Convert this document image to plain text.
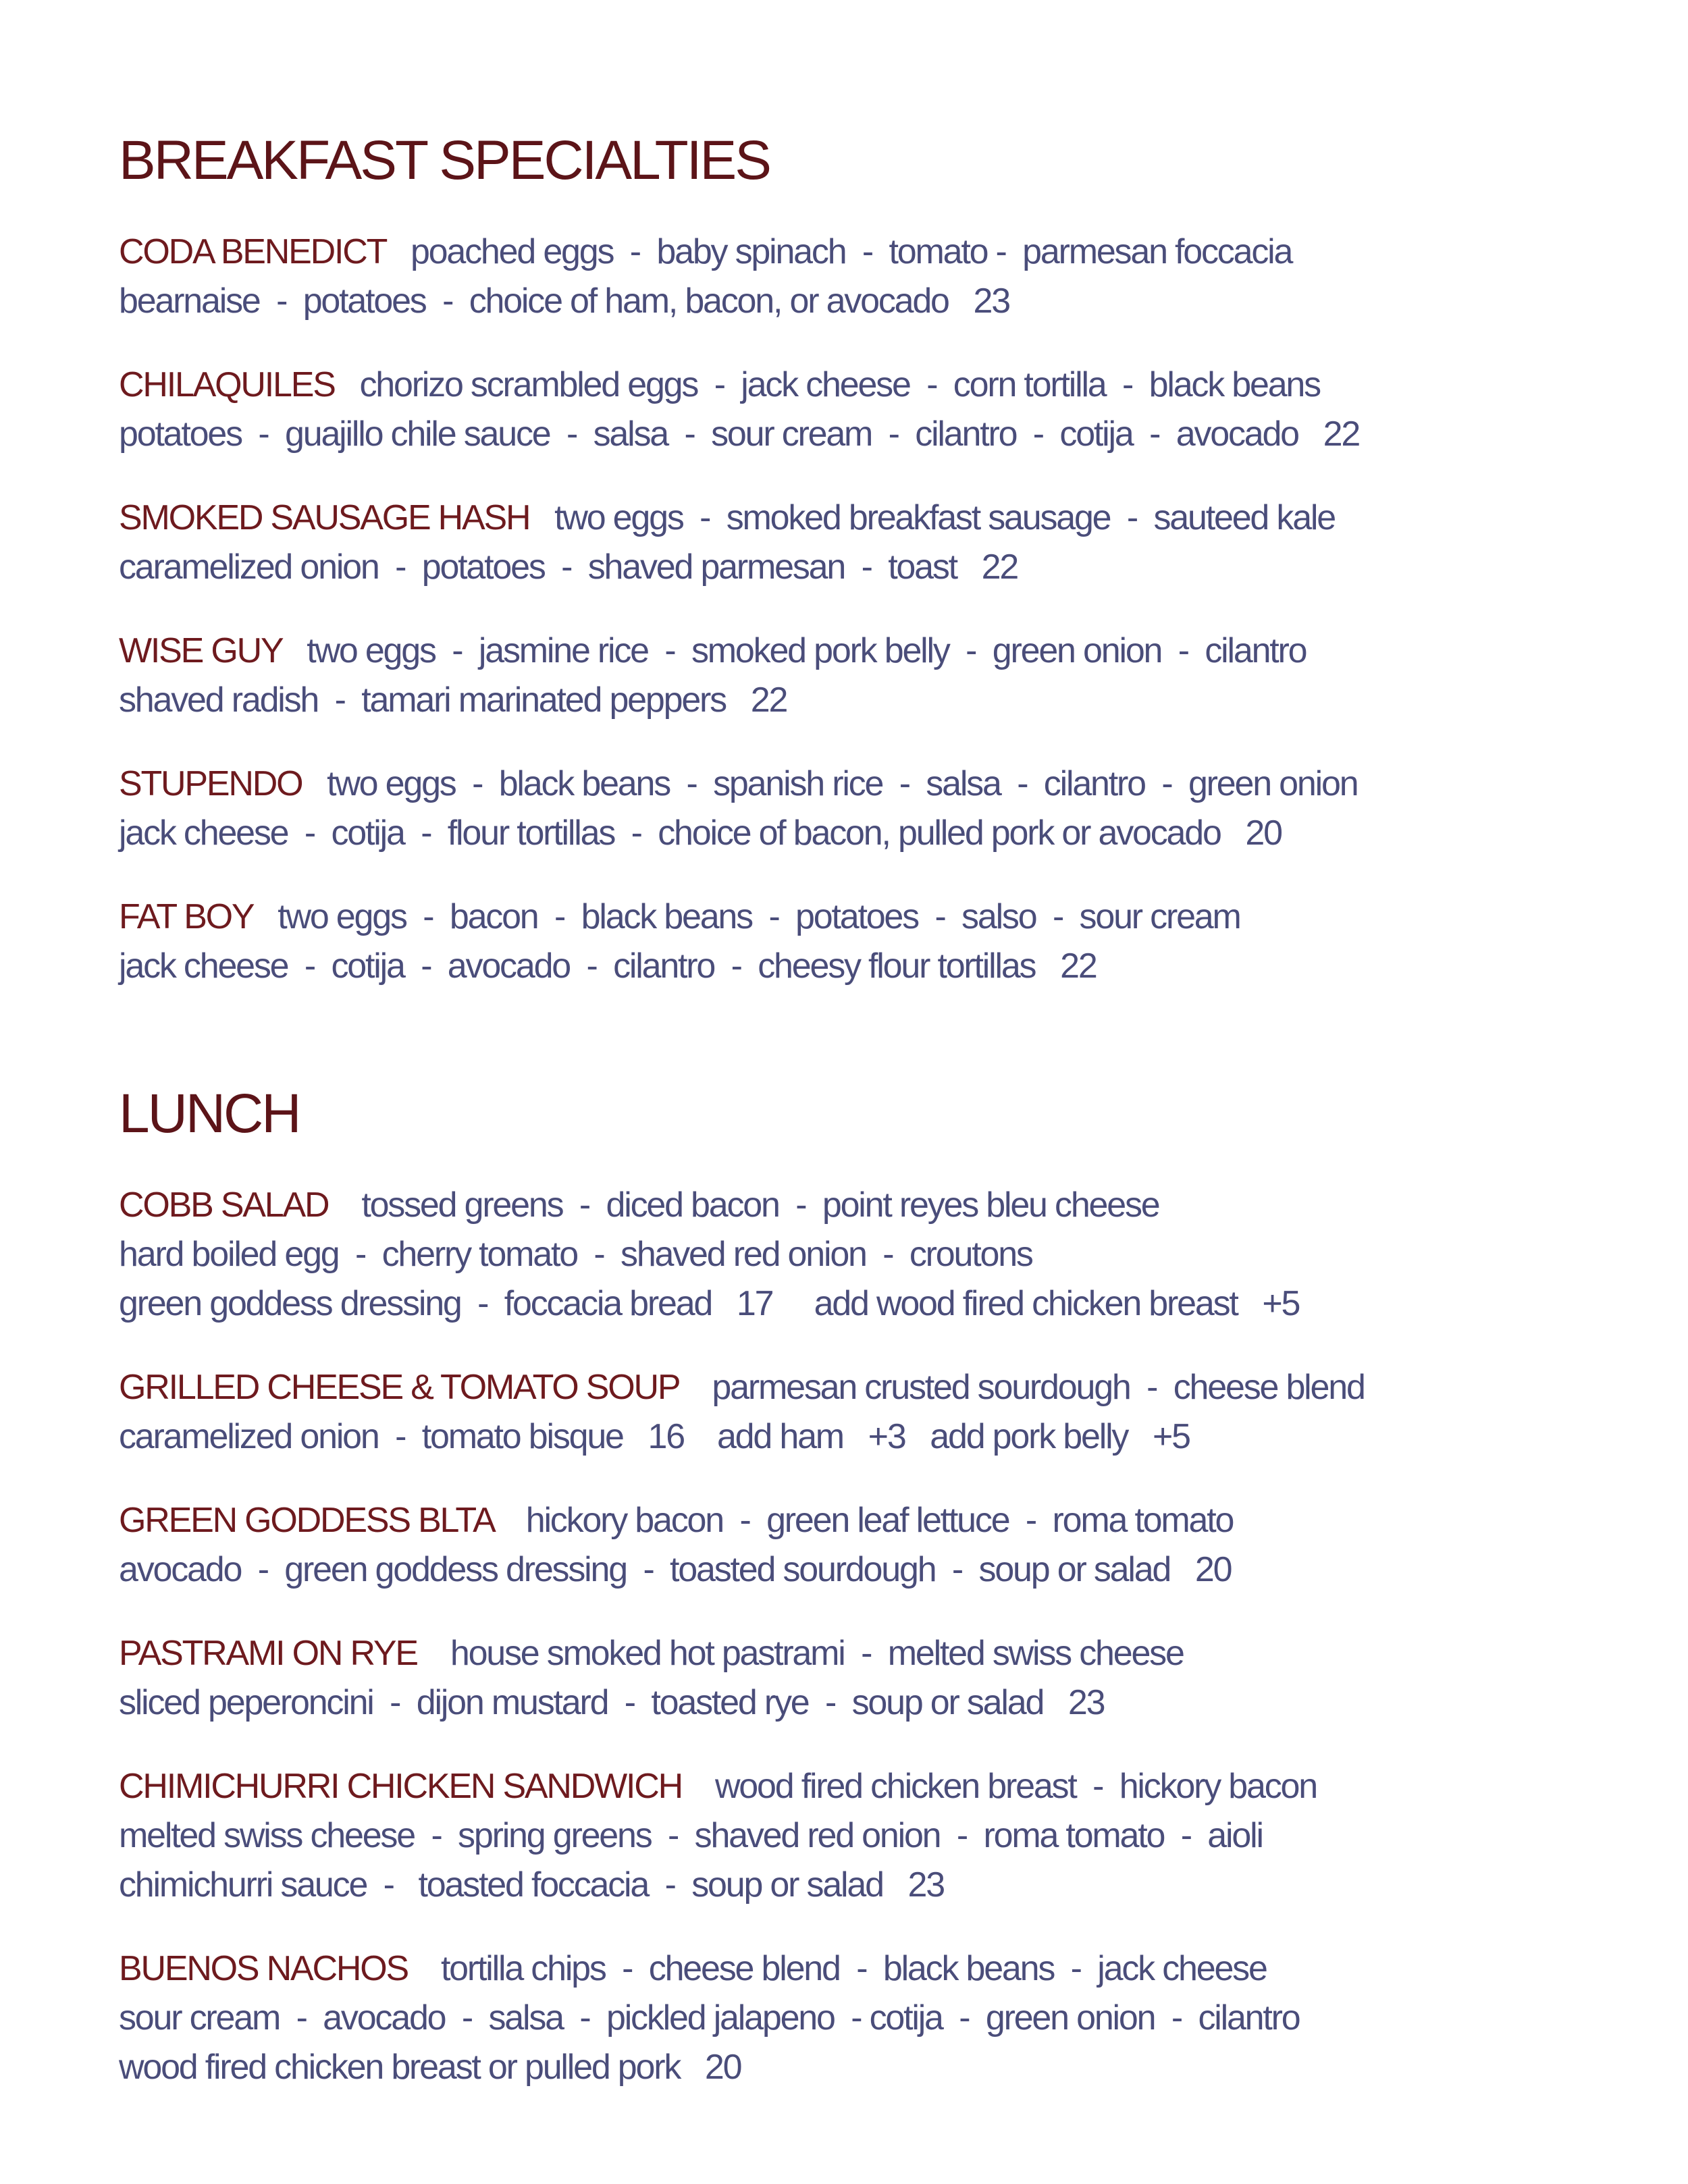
BREAKFAST SPECIALTIES
CODA BENEDICT poached eggs  -  baby spinach  -  tomato -  parmesan foccacia
bearnaise  -  potatoes  -  choice of ham, bacon, or avocado   23
CHILAQUILES chorizo scrambled eggs  -  jack cheese  -  corn tortilla  -  black beans
potatoes  -  guajillo chile sauce  -  salsa  -  sour cream  -  cilantro  -  cotija  -  avocado   22
SMOKED SAUSAGE HASH two eggs  -  smoked breakfast sausage  -  sauteed kale
caramelized onion  -  potatoes  -  shaved parmesan  -  toast   22
WISE GUY two eggs  -  jasmine rice  -  smoked pork belly  -  green onion  -  cilantro
shaved radish  -  tamari marinated peppers   22
STUPENDO two eggs  -  black beans  -  spanish rice  -  salsa  -  cilantro  -  green onion
jack cheese  -  cotija  -  flour tortillas  -  choice of bacon, pulled pork or avocado   20
FAT BOY two eggs  -  bacon  -  black beans  -  potatoes  -  salso  -  sour cream
jack cheese  -  cotija  -  avocado  -  cilantro  -  cheesy flour tortillas   22
LUNCH
COBB SALAD tossed greens  -  diced bacon  -  point reyes bleu cheese
hard boiled egg  -  cherry tomato  -  shaved red onion  -  croutons
green goddess dressing  -  foccacia bread   17     add wood fired chicken breast   +5
GRILLED CHEESE & TOMATO SOUP parmesan crusted sourdough  -  cheese blend
caramelized onion  -  tomato bisque   16    add ham   +3   add pork belly   +5
GREEN GODDESS BLTA hickory bacon  -  green leaf lettuce  -  roma tomato
avocado  -  green goddess dressing  -  toasted sourdough  -  soup or salad   20
PASTRAMI ON RYE house smoked hot pastrami  -  melted swiss cheese
sliced peperoncini  -  dijon mustard  -  toasted rye  -  soup or salad   23
CHIMICHURRI CHICKEN SANDWICH wood fired chicken breast  -  hickory bacon
melted swiss cheese  -  spring greens  -  shaved red onion  -  roma tomato  -  aioli
chimichurri sauce  -   toasted foccacia  -  soup or salad   23
BUENOS NACHOS tortilla chips  -  cheese blend  -  black beans  -  jack cheese
sour cream  -  avocado  -  salsa  -  pickled jalapeno  - cotija  -  green onion  -  cilantro
wood fired chicken breast or pulled pork   20
